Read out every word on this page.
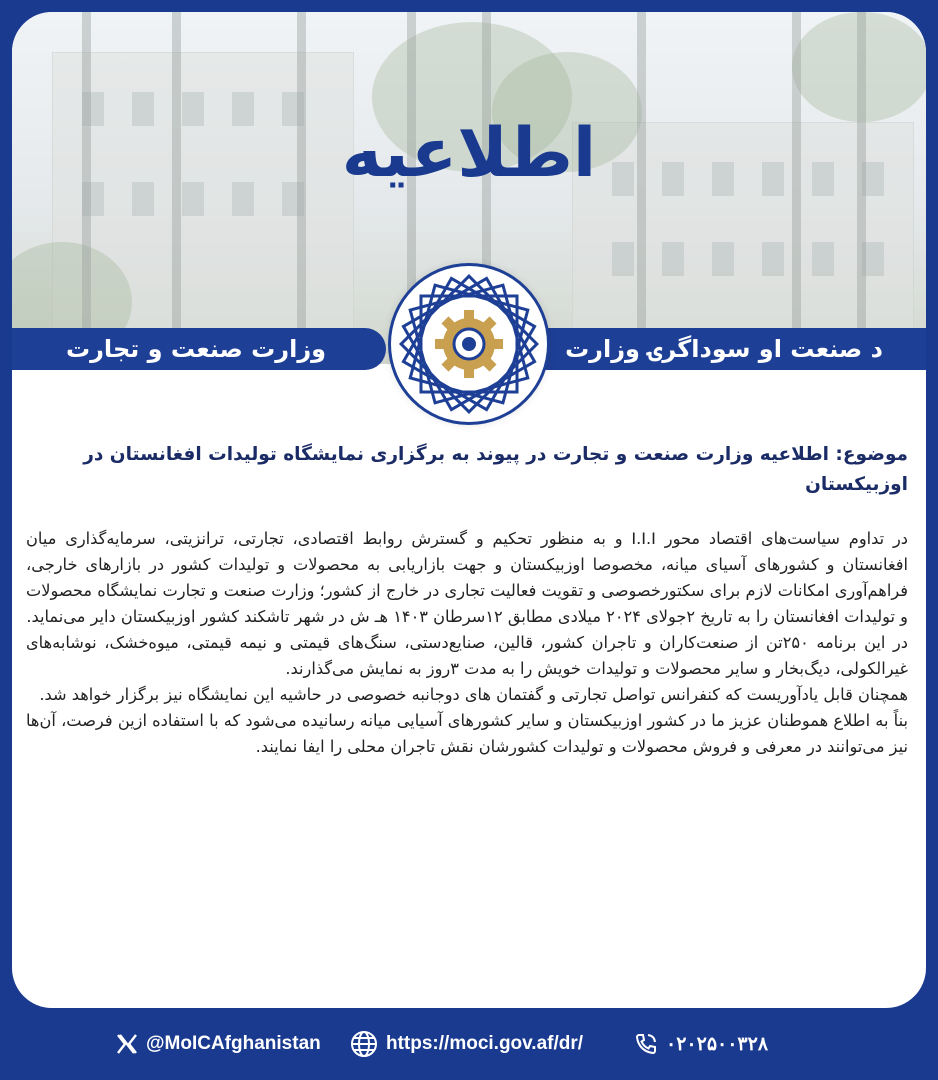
اطلاعیه
وزارت صنعت و تجارت	د صنعت او سوداگرۍ وزارت
موضوع: اطلاعیه وزارت صنعت و تجارت در پیوند به برگزاری نمایشگاه تولیدات افغانستان در اوزبیکستان

در تداوم سیاست‌های اقتصاد محور I.I.I و به منظور تحکیم و گسترش روابط اقتصادی، تجارتی، ترانزیتی، سرمایه‌گذاری میان افغانستان و کشورهای آسیای میانه، مخصوصا اوزبیکستان و جهت بازاریابی به محصولات و تولیدات کشور در بازارهای خارجی، فراهم‌آوری امکانات لازم برای سکتورخصوصی و تقویت فعالیت تجاری در خارج از کشور؛ وزارت صنعت و تجارت نمایشگاه محصولات و تولیدات افغانستان را به تاریخ ۲جولای ۲۰۲۴ میلادی مطابق ۱۲سرطان ۱۴۰۳ هـ ش در شهر تاشکند کشور اوزبیکستان دایر می‌نماید.

در این برنامه ۲۵۰تن از صنعت‌کاران و تاجران کشور، قالین، صنایع‌دستی، سنگ‌های قیمتی و نیمه قیمتی، میوه‌خشک، نوشابه‌های غیرالکولی، دیگ‌بخار و سایر محصولات و تولیدات خویش را به مدت ۳روز به نمایش می‌گذارند.

همچنان قابل یادآوریست که کنفرانس تواصل تجارتی و گفتمان های دوجانبه خصوصی در حاشیه این نمایشگاه نیز برگزار خواهد شد.

بناً به اطلاع هموطنان عزیز ما در کشور اوزبیکستان و سایر کشورهای آسیایی میانه رسانیده می‌شود که با استفاده ازین فرصت، آن‌ها نیز می‌توانند در معرفی و فروش محصولات و تولیدات کشورشان نقش تاجران محلی را ایفا نمایند.

@MoICAfghanistan	https://moci.gov.af/dr/	۰۲۰۲۵۰۰۳۲۸
